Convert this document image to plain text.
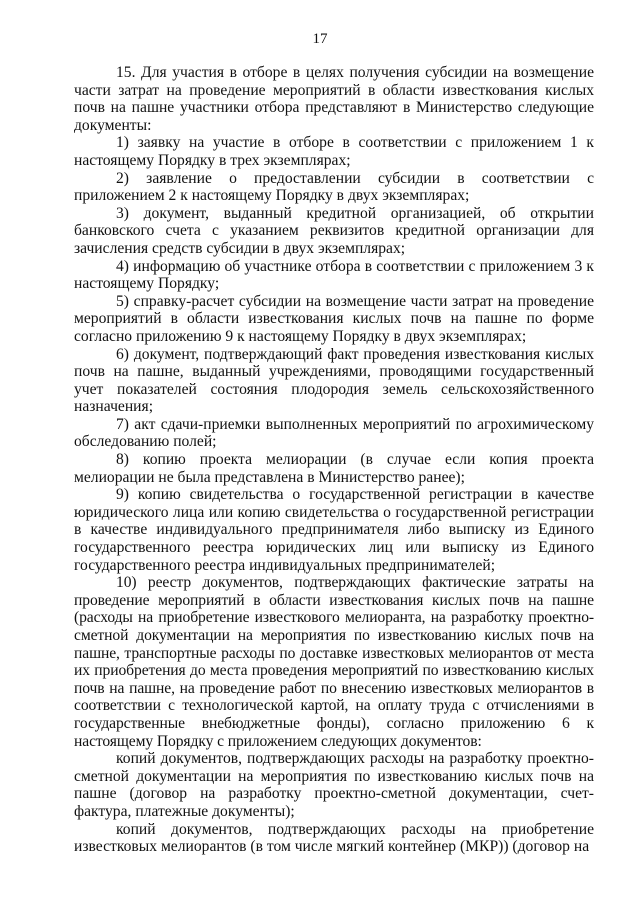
17

15. Для участия в отборе в целях получения субсидии на возмещение части затрат на проведение мероприятий в области известкования кислых почв на пашне участники отбора представляют в Министерство следующие документы:

1) заявку на участие в отборе в соответствии с приложением 1 к настоящему Порядку в трех экземплярах;

2) заявление о предоставлении субсидии в соответствии с приложением 2 к настоящему Порядку в двух экземплярах;

3) документ, выданный кредитной организацией, об открытии банковского счета с указанием реквизитов кредитной организации для зачисления средств субсидии в двух экземплярах;

4) информацию об участнике отбора в соответствии с приложением 3 к настоящему Порядку;

5) справку-расчет субсидии на возмещение части затрат на проведение мероприятий в области известкования кислых почв на пашне по форме согласно приложению 9 к настоящему Порядку в двух экземплярах;

6) документ, подтверждающий факт проведения известкования кислых почв на пашне, выданный учреждениями, проводящими государственный учет показателей состояния плодородия земель сельскохозяйственного назначения;

7) акт сдачи-приемки выполненных мероприятий по агрохимическому обследованию полей;

8) копию проекта мелиорации (в случае если копия проекта мелиорации не была представлена в Министерство ранее);

9) копию свидетельства о государственной регистрации в качестве юридического лица или копию свидетельства о государственной регистрации в качестве индивидуального предпринимателя либо выписку из Единого государственного реестра юридических лиц или выписку из Единого государственного реестра индивидуальных предпринимателей;

10) реестр документов, подтверждающих фактические затраты на проведение мероприятий в области известкования кислых почв на пашне (расходы на приобретение известкового мелиоранта, на разработку проектно-сметной документации на мероприятия по известкованию кислых почв на пашне, транспортные расходы по доставке известковых мелиорантов от места их приобретения до места проведения мероприятий по известкованию кислых почв на пашне, на проведение работ по внесению известковых мелиорантов в соответствии с технологической картой, на оплату труда с отчислениями в государственные внебюджетные фонды), согласно приложению 6 к настоящему Порядку с приложением следующих документов:

копий документов, подтверждающих расходы на разработку проектно-сметной документации на мероприятия по известкованию кислых почв на пашне (договор на разработку проектно-сметной документации, счет-фактура, платежные документы);

копий документов, подтверждающих расходы на приобретение известковых мелиорантов (в том числе мягкий контейнер (МКР)) (договор на
